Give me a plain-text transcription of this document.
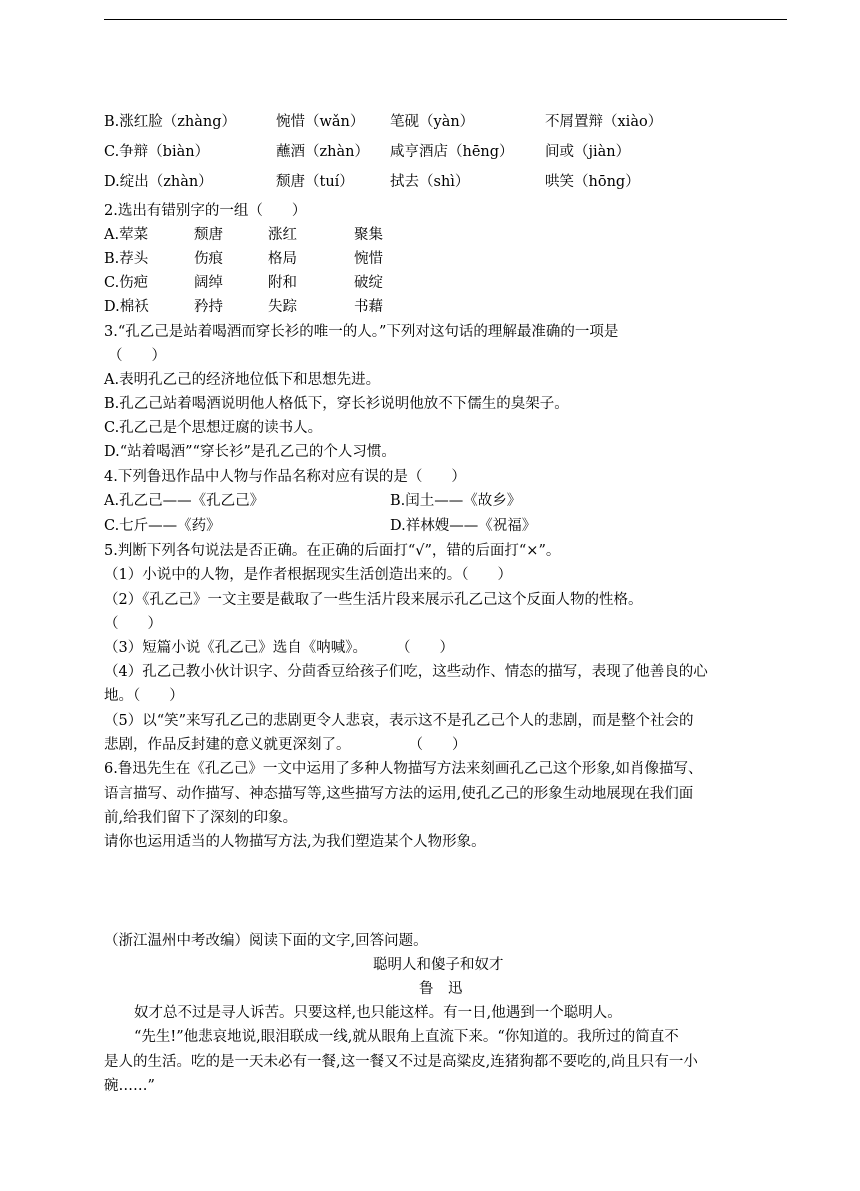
B.涨红脸（zhàng）	惋惜（wǎn） 笔砚（yàn）	不屑置辩（xiào）
C.争辩（biàn）	蘸酒（zhàn） 咸亨酒店（hēng） 间或（jiàn）
D.绽出（zhàn）	颓唐（tuí） 拭去（shì）	哄笑（hōng）
2.选出有错别字的一组（　　）
A.荤菜	颓唐	涨红	聚集
B.荐头	伤痕	格局	惋惜
C.伤疤	阔绰	附和	破绽
D.棉袄	矜持	失踪	书藉
3.“孔乙己是站着喝酒而穿长衫的唯一的人。”下列对这句话的理解最准确的一项是
（　　）
A.表明孔乙己的经济地位低下和思想先进。
B.孔乙己站着喝酒说明他人格低下，穿长衫说明他放不下儒生的臭架子。
C.孔乙己是个思想迂腐的读书人。
D.“站着喝酒”“穿长衫”是孔乙己的个人习惯。
4.下列鲁迅作品中人物与作品名称对应有误的是（　　）
A.孔乙己——《孔乙己》	B.闰土——《故乡》
C.七斤——《药》	D.祥林嫂——《祝福》
5.判断下列各句说法是否正确。在正确的后面打“√”，错的后面打“×”。
（1）小说中的人物，是作者根据现实生活创造出来的。（　　）
（2）《孔乙己》一文主要是截取了一些生活片段来展示孔乙己这个反面人物的性格。
（　　）
（3）短篇小说《孔乙己》选自《呐喊》。　　　（　　）
（4）孔乙己教小伙计识字、分茴香豆给孩子们吃，这些动作、情态的描写，表现了他善良的心
地。（　　）
（5）以“笑”来写孔乙己的悲剧更令人悲哀，表示这不是孔乙己个人的悲剧，而是整个社会的
悲剧，作品反封建的意义就更深刻了。　　　　　（　　）
6.鲁迅先生在《孔乙己》一文中运用了多种人物描写方法来刻画孔乙己这个形象,如肖像描写、
语言描写、动作描写、神态描写等,这些描写方法的运用,使孔乙己的形象生动地展现在我们面
前,给我们留下了深刻的印象。
请你也运用适当的人物描写方法,为我们塑造某个人物形象。
（浙江温州中考改编）阅读下面的文字,回答问题。
聪明人和傻子和奴才
鲁　迅
奴才总不过是寻人诉苦。只要这样,也只能这样。有一日,他遇到一个聪明人。
“先生!”他悲哀地说,眼泪联成一线,就从眼角上直流下来。“你知道的。我所过的简直不
是人的生活。吃的是一天未必有一餐,这一餐又不过是高粱皮,连猪狗都不要吃的,尚且只有一小
碗……”
